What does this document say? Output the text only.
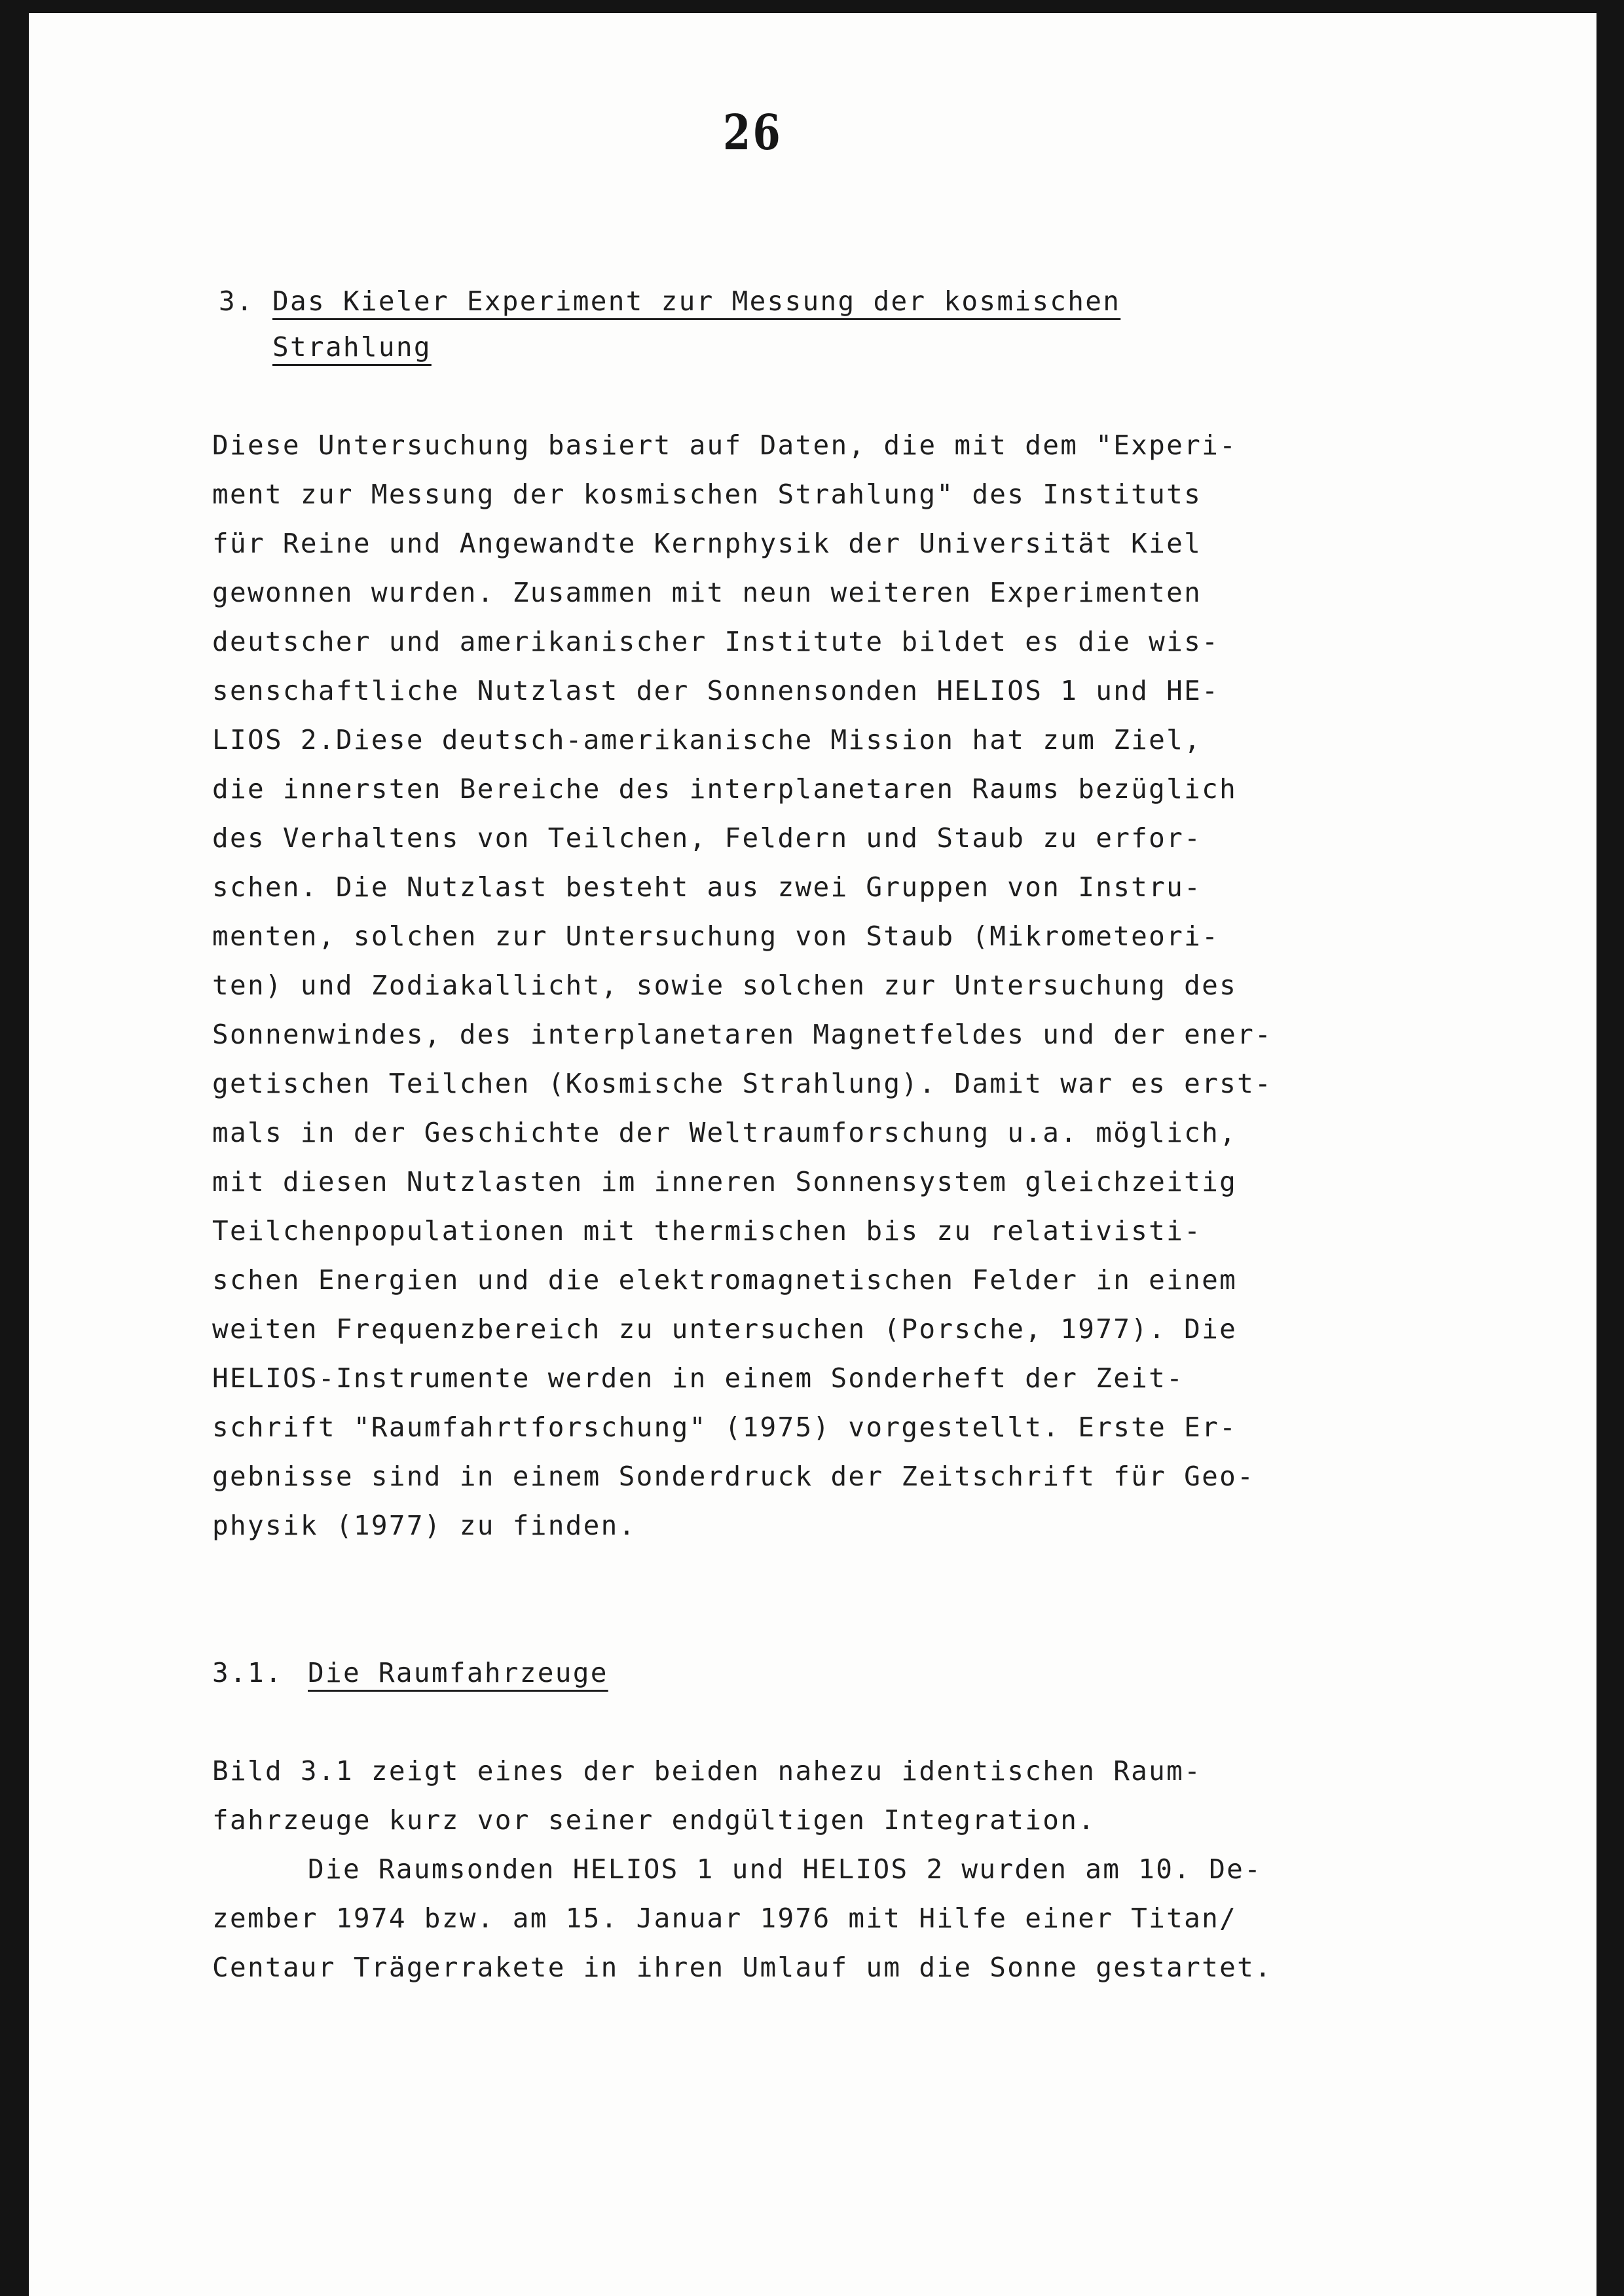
26

3. Das Kieler Experiment zur Messung der kosmischen
Strahlung
Diese Untersuchung basiert auf Daten, die mit dem "Experi-
ment zur Messung der kosmischen Strahlung" des Instituts
für Reine und Angewandte Kernphysik der Universität Kiel
gewonnen wurden. Zusammen mit neun weiteren Experimenten
deutscher und amerikanischer Institute bildet es die wis-
senschaftliche Nutzlast der Sonnensonden HELIOS 1 und HE-
LIOS 2.Diese deutsch-amerikanische Mission hat zum Ziel,
die innersten Bereiche des interplanetaren Raums bezüglich
des Verhaltens von Teilchen, Feldern und Staub zu erfor-
schen. Die Nutzlast besteht aus zwei Gruppen von Instru-
menten, solchen zur Untersuchung von Staub (Mikrometeori-
ten) und Zodiakallicht, sowie solchen zur Untersuchung des
Sonnenwindes, des interplanetaren Magnetfeldes und der ener-
getischen Teilchen (Kosmische Strahlung). Damit war es erst-
mals in der Geschichte der Weltraumforschung u.a. möglich,
mit diesen Nutzlasten im inneren Sonnensystem gleichzeitig
Teilchenpopulationen mit thermischen bis zu relativisti-
schen Energien und die elektromagnetischen Felder in einem
weiten Frequenzbereich zu untersuchen (Porsche, 1977). Die
HELIOS-Instrumente werden in einem Sonderheft der Zeit-
schrift "Raumfahrtforschung" (1975) vorgestellt. Erste Er-
gebnisse sind in einem Sonderdruck der Zeitschrift für Geo-
physik (1977) zu finden.
3.1. Die Raumfahrzeuge
Bild 3.1 zeigt eines der beiden nahezu identischen Raum-
fahrzeuge kurz vor seiner endgültigen Integration.
Die Raumsonden HELIOS 1 und HELIOS 2 wurden am 10. De-
zember 1974 bzw. am 15. Januar 1976 mit Hilfe einer Titan/
Centaur Trägerrakete in ihren Umlauf um die Sonne gestartet.
